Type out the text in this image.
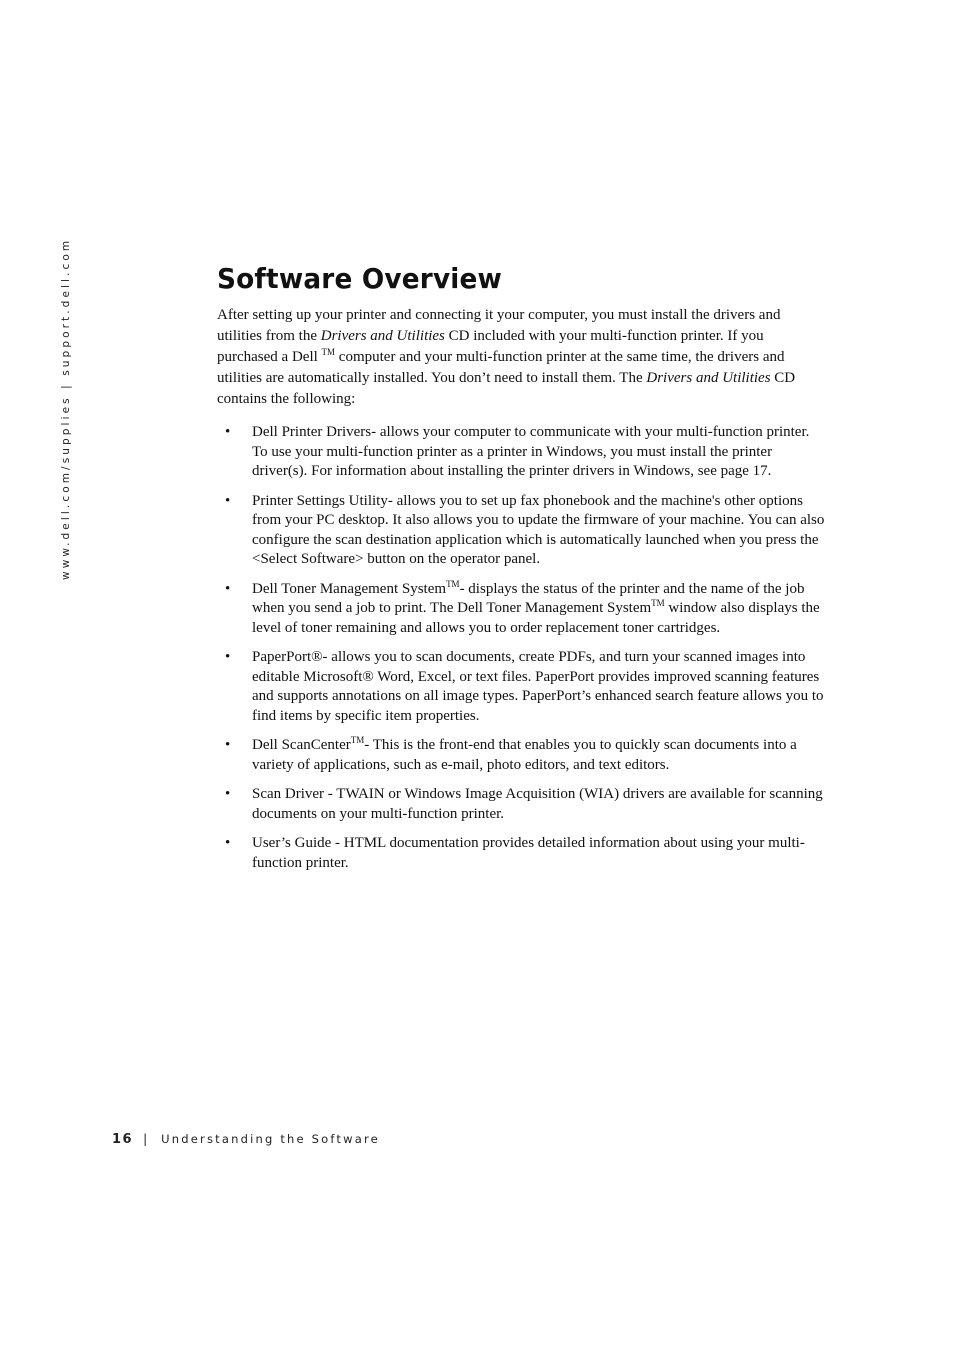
www.dell.com/supplies | support.dell.com	Software Overview

After setting up your printer and connecting it your computer, you must install the drivers and utilities from the Drivers and Utilities CD included with your multi-function printer. If you purchased a Dell ™ computer and your multi-function printer at the same time, the drivers and utilities are automatically installed. You don’t need to install them. The Drivers and Utilities CD contains the following:

• Dell Printer Drivers- allows your computer to communicate with your multi-function printer. To use your multi-function printer as a printer in Windows, you must install the printer driver(s). For information about installing the printer drivers in Windows, see page 17.
• Printer Settings Utility- allows you to set up fax phonebook and the machine's other options from your PC desktop. It also allows you to update the firmware of your machine. You can also configure the scan destination application which is automatically launched when you press the <Select Software> button on the operator panel.
• Dell Toner Management System™- displays the status of the printer and the name of the job when you send a job to print. The Dell Toner Management System™ window also displays the level of toner remaining and allows you to order replacement toner cartridges.
• PaperPort®- allows you to scan documents, create PDFs, and turn your scanned images into editable Microsoft® Word, Excel, or text files. PaperPort provides improved scanning features and supports annotations on all image types. PaperPort’s enhanced search feature allows you to find items by specific item properties.
• Dell ScanCenter™- This is the front-end that enables you to quickly scan documents into a variety of applications, such as e-mail, photo editors, and text editors.
• Scan Driver - TWAIN or Windows Image Acquisition (WIA) drivers are available for scanning documents on your multi-function printer.
• User’s Guide - HTML documentation provides detailed information about using your multi-function printer.
16 | Understanding the Software
